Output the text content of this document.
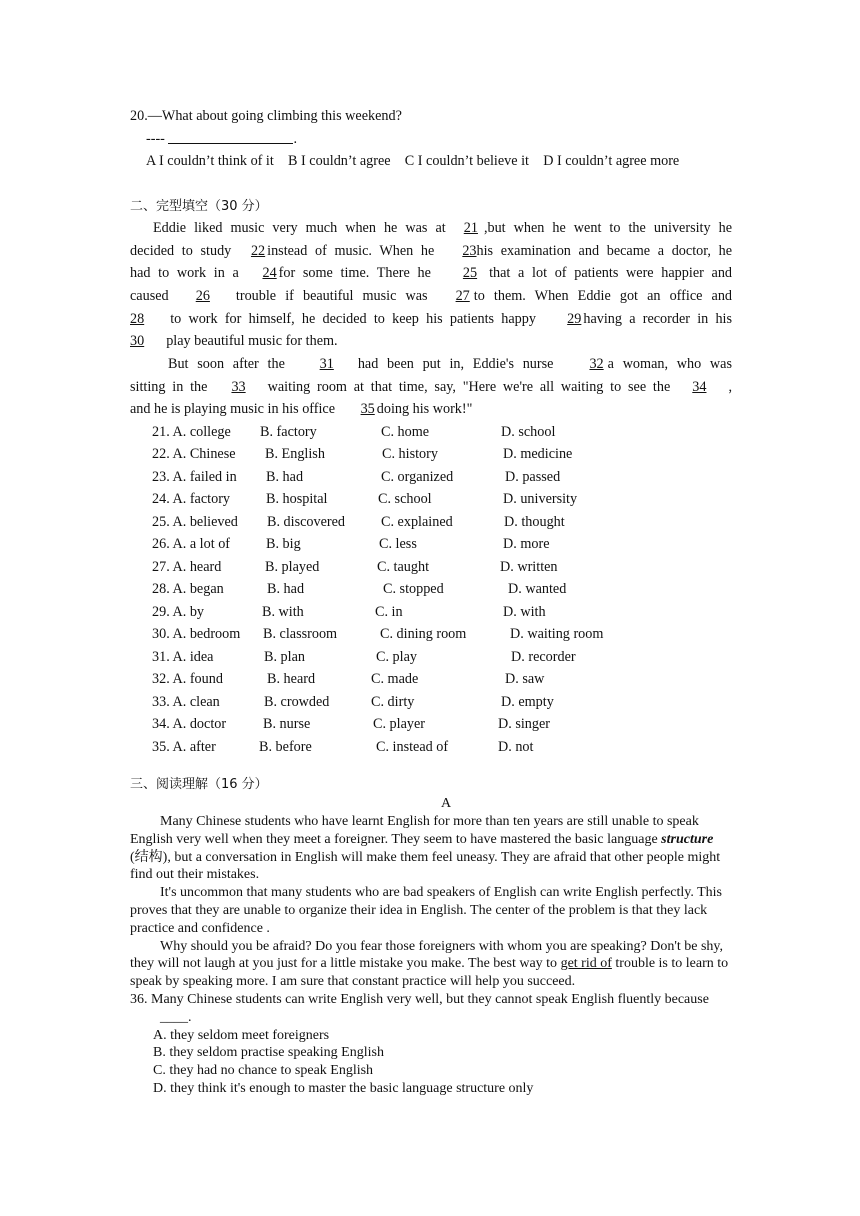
20.—What about going climbing this weekend?
----	.
A I couldn’t think of it B I couldn’t agree C I couldn’t believe it D I couldn’t agree more
二、完型填空（30 分）
Eddie liked music very much when he was at 21 ,but when he went to the university he
decided to study 22 instead of music. When he 23his examination and became a doctor, he
had to work in a 24 for some time. There he 25 that a lot of patients were happier and
caused 26 trouble if beautiful music was 27 to them. When Eddie got an office and
28 to work for himself, he decided to keep his patients happy 29 having a recorder in his
30 play beautiful music for them.
But soon after the 31 had been put in, Eddie's nurse	32 a woman, who was
sitting in the 33 waiting room at that time, say, "Here we're all waiting to see the 34 ,
and he is playing music in his office 35 doing his work!"
21. A. college B. factory	C. home	D. school
22. A. Chinese B. English	C. history	D. medicine
23. A. failed in B. had	C. organized	D. passed
24. A. factory	B. hospital	C. school	D. university
25. A. believed B. discovered	C. explained	D. thought
26. A. a lot of	B. big	C. less	D. more
27. A. heard	B. played	C. taught	D. written
28. A. began	B. had	C. stopped	D. wanted
29. A. by	B. with	C. in	D. with
30. A. bedroom B. classroom	C. dining room	D. waiting room
31. A. idea	B. plan	C. play	D. recorder
32. A. found	B. heard	C. made	D. saw
33. A. clean	B. crowded	C. dirty	D. empty
34. A. doctor	B. nurse	C. player	D. singer
35. A. after	B. before	C. instead of	D. not
三、阅读理解（16 分）
A

Many Chinese students who have learnt English for more than ten years are still unable to speak English very well when they meet a foreigner. They seem to have mastered the basic language structure (结构), but a conversation in English will make them feel uneasy. They are afraid that other people might find out their mistakes.

It's uncommon that many students who are bad speakers of English can write English perfectly. This proves that they are unable to organize their idea in English. The center of the problem is that they lack practice and confidence .

Why should you be afraid? Do you fear those foreigners with whom you are speaking? Don't be shy, they will not laugh at you just for a little mistake you make. The best way to get rid of trouble is to learn to speak by speaking more. I am sure that constant practice will help you succeed.

36. Many Chinese students can write English very well, but they cannot speak English fluently because ____.

A. they seldom meet foreigners

B. they seldom practise speaking English

C. they had no chance to speak English

D. they think it's enough to master the basic language structure only
